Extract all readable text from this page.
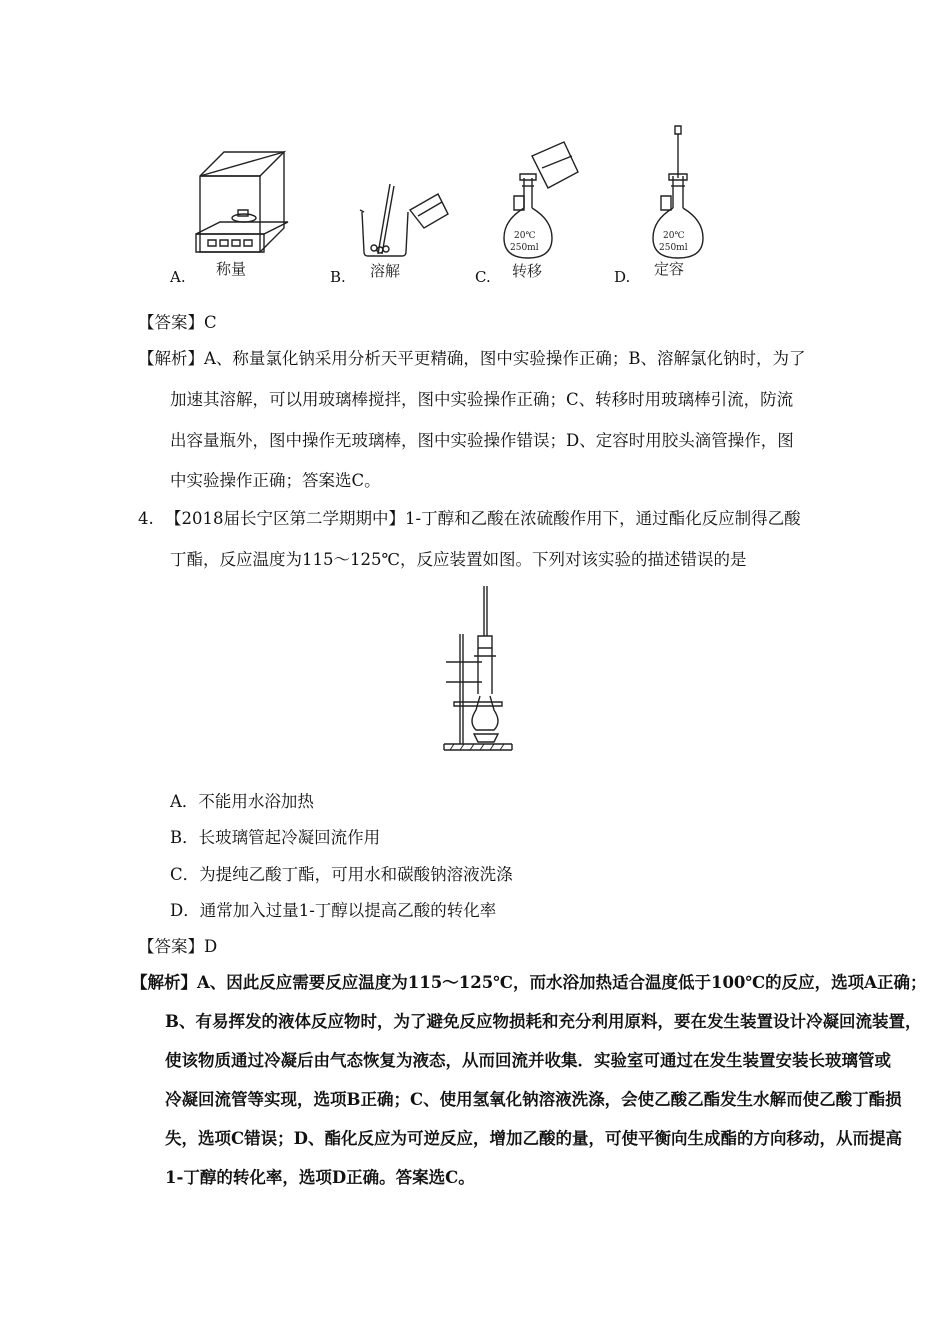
A. 称量	B. 溶解
20℃
250ml
C. 转移
20℃
250ml
D. 定容
【答案】C
【解析】A、称量氯化钠采用分析天平更精确，图中实验操作正确；B、溶解氯化钠时，为了
加速其溶解，可以用玻璃棒搅拌，图中实验操作正确；C、转移时用玻璃棒引流，防流
出容量瓶外，图中操作无玻璃棒，图中实验操作错误；D、定容时用胶头滴管操作，图
中实验操作正确；答案选C。
4. 【2018届长宁区第二学期期中】1-丁醇和乙酸在浓硫酸作用下，通过酯化反应制得乙酸
丁酯，反应温度为115～125℃，反应装置如图。下列对该实验的描述错误的是
A．不能用水浴加热
B．长玻璃管起冷凝回流作用
C．为提纯乙酸丁酯，可用水和碳酸钠溶液洗涤
D．通常加入过量1-丁醇以提高乙酸的转化率
【答案】D
【解析】A、因此反应需要反应温度为115～125℃，而水浴加热适合温度低于100℃的反应，选项A正确；
B、有易挥发的液体反应物时，为了避免反应物损耗和充分利用原料，要在发生装置设计冷凝回流装置，
使该物质通过冷凝后由气态恢复为液态，从而回流并收集．实验室可通过在发生装置安装长玻璃管或
冷凝回流管等实现，选项B正确；C、使用氢氧化钠溶液洗涤，会使乙酸乙酯发生水解而使乙酸丁酯损
失，选项C错误；D、酯化反应为可逆反应，增加乙酸的量，可使平衡向生成酯的方向移动，从而提高
1-丁醇的转化率，选项D正确。答案选C。
